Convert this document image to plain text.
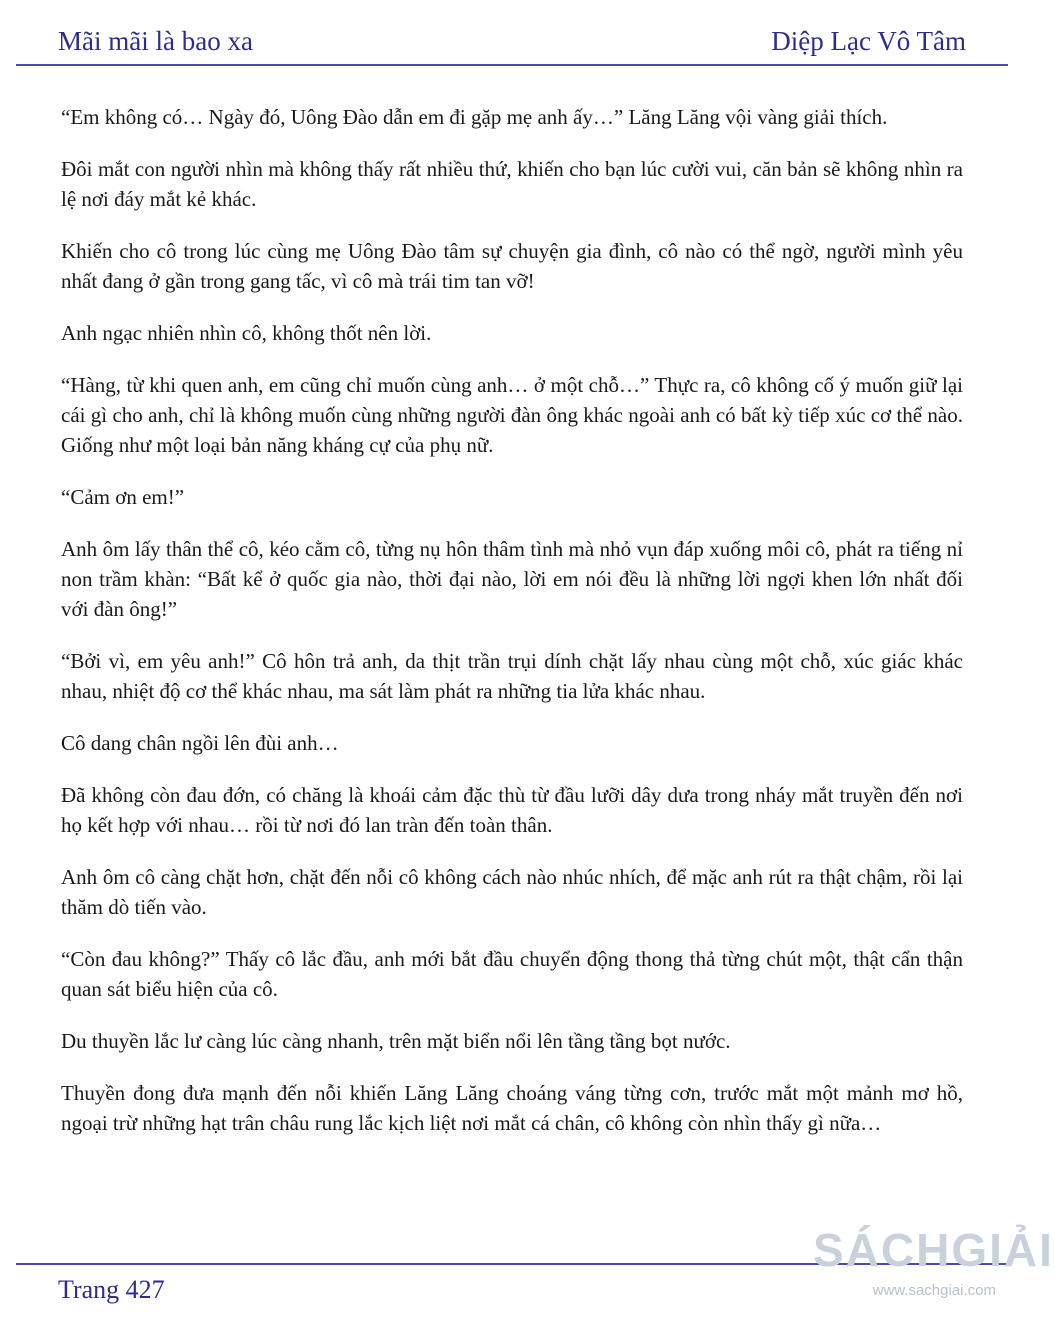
Mãi mãi là bao xa	Diệp Lạc Vô Tâm

“Em không có… Ngày đó, Uông Đào dẫn em đi gặp mẹ anh ấy…” Lăng Lăng vội vàng giải thích.

Đôi mắt con người nhìn mà không thấy rất nhiều thứ, khiến cho bạn lúc cười vui, căn bản sẽ không nhìn ra lệ nơi đáy mắt kẻ khác.

Khiến cho cô trong lúc cùng mẹ Uông Đào tâm sự chuyện gia đình, cô nào có thể ngờ, người mình yêu nhất đang ở gần trong gang tấc, vì cô mà trái tim tan vỡ!

Anh ngạc nhiên nhìn cô, không thốt nên lời.

“Hàng, từ khi quen anh, em cũng chỉ muốn cùng anh… ở một chỗ…” Thực ra, cô không cố ý muốn giữ lại cái gì cho anh, chỉ là không muốn cùng những người đàn ông khác ngoài anh có bất kỳ tiếp xúc cơ thể nào. Giống như một loại bản năng kháng cự của phụ nữ.

“Cảm ơn em!”

Anh ôm lấy thân thể cô, kéo cằm cô, từng nụ hôn thâm tình mà nhỏ vụn đáp xuống môi cô, phát ra tiếng nỉ non trầm khàn: “Bất kể ở quốc gia nào, thời đại nào, lời em nói đều là những lời ngợi khen lớn nhất đối với đàn ông!”

“Bởi vì, em yêu anh!” Cô hôn trả anh, da thịt trần trụi dính chặt lấy nhau cùng một chỗ, xúc giác khác nhau, nhiệt độ cơ thể khác nhau, ma sát làm phát ra những tia lửa khác nhau.

Cô dang chân ngồi lên đùi anh…

Đã không còn đau đớn, có chăng là khoái cảm đặc thù từ đầu lưỡi dây dưa trong nháy mắt truyền đến nơi họ kết hợp với nhau… rồi từ nơi đó lan tràn đến toàn thân.

Anh ôm cô càng chặt hơn, chặt đến nỗi cô không cách nào nhúc nhích, để mặc anh rút ra thật chậm, rồi lại thăm dò tiến vào.

“Còn đau không?” Thấy cô lắc đầu, anh mới bắt đầu chuyển động thong thả từng chút một, thật cẩn thận quan sát biểu hiện của cô.

Du thuyền lắc lư càng lúc càng nhanh, trên mặt biển nổi lên tầng tầng bọt nước.

Thuyền đong đưa mạnh đến nỗi khiến Lăng Lăng choáng váng từng cơn, trước mắt một mảnh mơ hồ, ngoại trừ những hạt trân châu rung lắc kịch liệt nơi mắt cá chân, cô không còn nhìn thấy gì nữa…

Trang 427
SÁCHGIẢI
www.sachgiai.com
